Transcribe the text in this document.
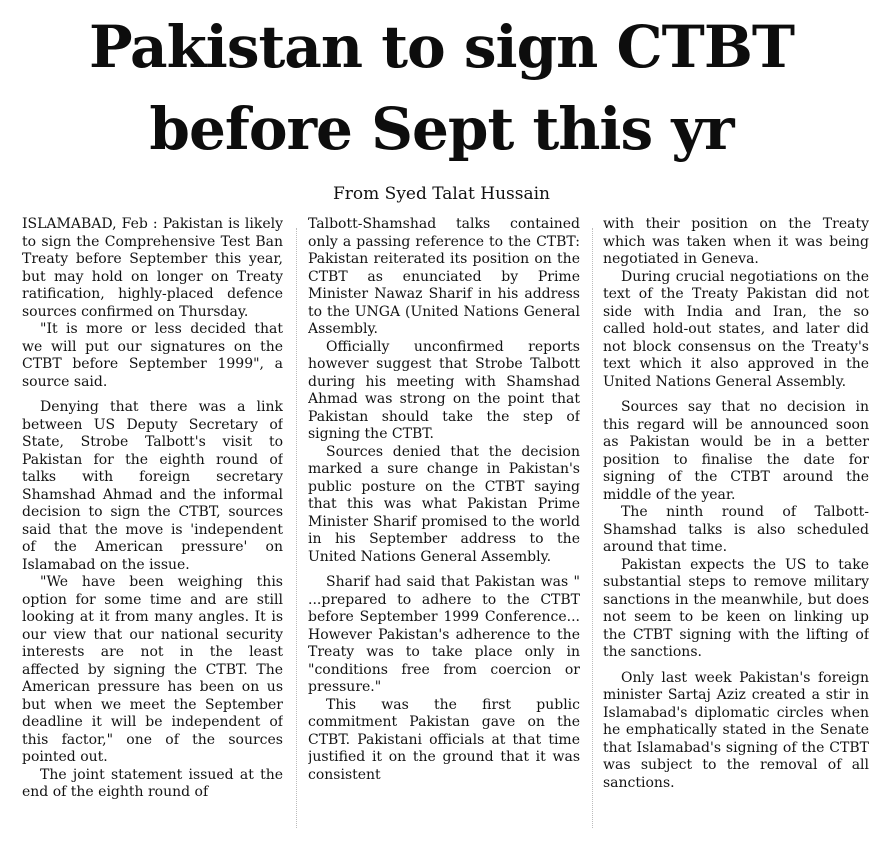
Pakistan to sign CTBT
before Sept this yr
From Syed Talat Hussain

ISLAMABAD, Feb : Pakistan is likely to sign the Comprehensive Test Ban Treaty before September this year, but may hold on longer on Treaty ratification, highly-placed defence sources confirmed on Thursday.

"It is more or less decided that we will put our signatures on the CTBT before September 1999", a source said.

Denying that there was a link between US Deputy Secretary of State, Strobe Talbott's visit to Pakistan for the eighth round of talks with foreign secretary Shamshad Ahmad and the informal decision to sign the CTBT, sources said that the move is 'independent of the American pressure' on Islamabad on the issue.

"We have been weighing this option for some time and are still looking at it from many angles. It is our view that our national security interests are not in the least affected by signing the CTBT. The American pressure has been on us but when we meet the September deadline it will be independent of this factor," one of the sources pointed out.

The joint statement issued at the end of the eighth round of

Talbott-Shamshad talks contained only a passing reference to the CTBT: Pakistan reiterated its position on the CTBT as enunciated by Prime Minister Nawaz Sharif in his address to the UNGA (United Nations General Assembly.

Officially unconfirmed reports however suggest that Strobe Talbott during his meeting with Shamshad Ahmad was strong on the point that Pakistan should take the step of signing the CTBT.

Sources denied that the decision marked a sure change in Pakistan's public posture on the CTBT saying that this was what Pakistan Prime Minister Sharif promised to the world in his September address to the United Nations General Assembly.

Sharif had said that Pakistan was " ...prepared to adhere to the CTBT before September 1999 Conference... However Pakistan's adherence to the Treaty was to take place only in "conditions free from coercion or pressure."

This was the first public commitment Pakistan gave on the CTBT. Pakistani officials at that time justified it on the ground that it was consistent

with their position on the Treaty which was taken when it was being negotiated in Geneva.

During crucial negotiations on the text of the Treaty Pakistan did not side with India and Iran, the so called hold-out states, and later did not block consensus on the Treaty's text which it also approved in the United Nations General Assembly.

Sources say that no decision in this regard will be announced soon as Pakistan would be in a better position to finalise the date for signing of the CTBT around the middle of the year.

The ninth round of Talbott-Shamshad talks is also scheduled around that time.

Pakistan expects the US to take substantial steps to remove military sanctions in the meanwhile, but does not seem to be keen on linking up the CTBT signing with the lifting of the sanctions.

Only last week Pakistan's foreign minister Sartaj Aziz created a stir in Islamabad's diplomatic circles when he emphatically stated in the Senate that Islamabad's signing of the CTBT was subject to the removal of all sanctions.
